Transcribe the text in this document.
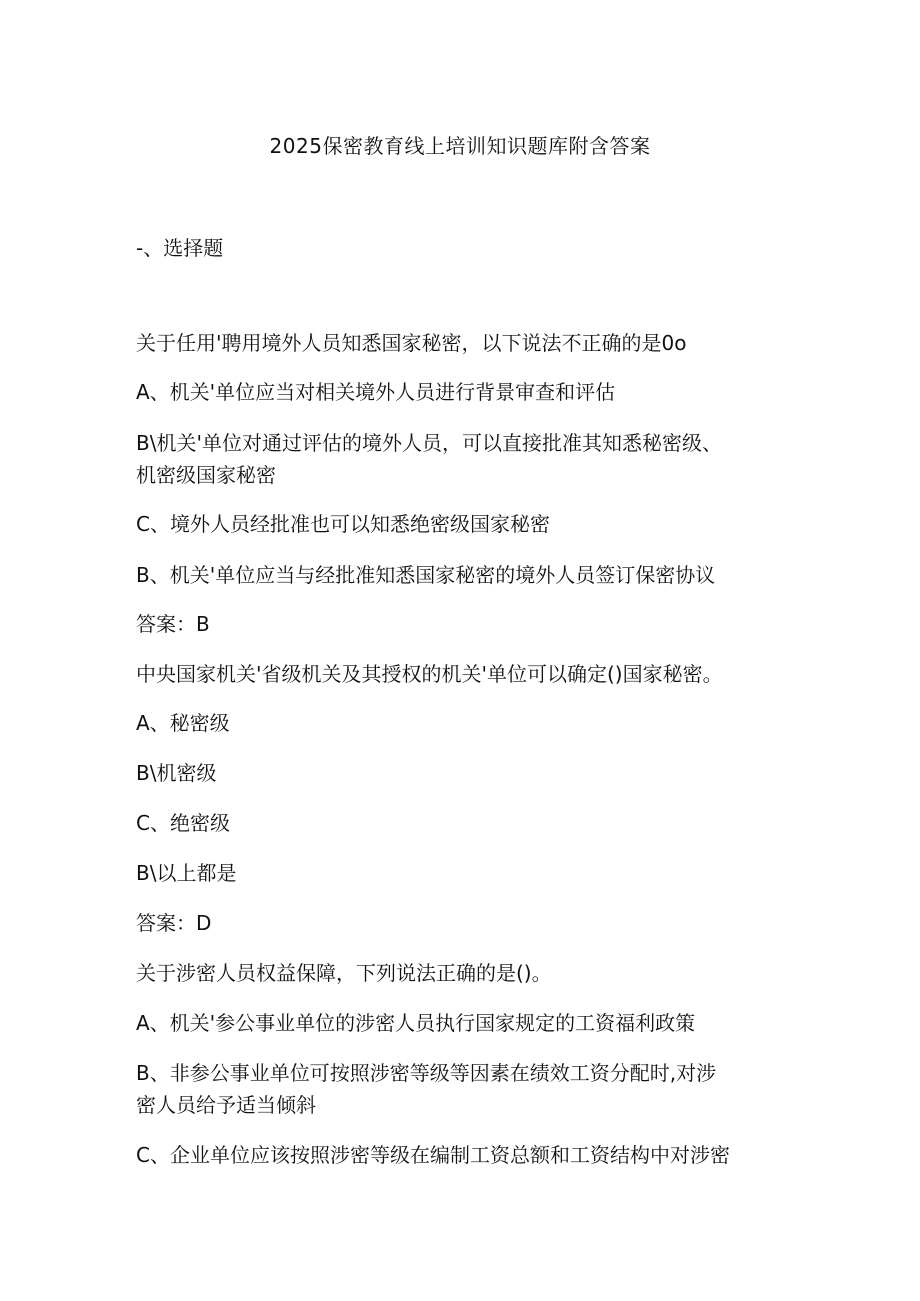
2025保密教育线上培训知识题库附含答案
-、选择题
关于任用'聘用境外人员知悉国家秘密，以下说法不正确的是0o
A、机关'单位应当对相关境外人员进行背景审查和评估
B\机关'单位对通过评估的境外人员，可以直接批准其知悉秘密级、
机密级国家秘密
C、境外人员经批准也可以知悉绝密级国家秘密
B、机关'单位应当与经批准知悉国家秘密的境外人员签订保密协议
答案：B
中央国家机关'省级机关及其授权的机关'单位可以确定()国家秘密。
A、秘密级
B\机密级
C、绝密级
B\以上都是
答案：D
关于涉密人员权益保障，下列说法正确的是()。
A、机关'参公事业单位的涉密人员执行国家规定的工资福利政策
B、非参公事业单位可按照涉密等级等因素在绩效工资分配时,对涉
密人员给予适当倾斜
C、企业单位应该按照涉密等级在编制工资总额和工资结构中对涉密
